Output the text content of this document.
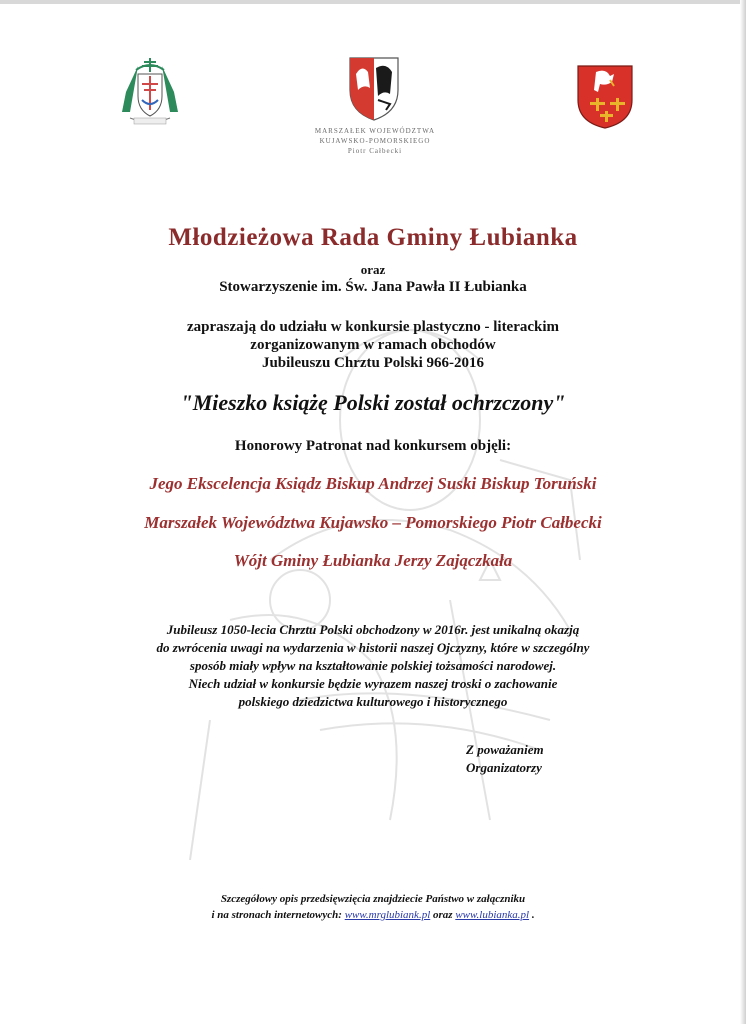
MARSZAŁEK WOJEWÓDZTWA
KUJAWSKO-POMORSKIEGO
Piotr Całbecki
Młodzieżowa Rada Gminy Łubianka
oraz
Stowarzyszenie im. Św. Jana Pawła II Łubianka
zapraszają do udziału w konkursie plastyczno - literackim
zorganizowanym w ramach obchodów
Jubileuszu Chrztu Polski 966-2016
"Mieszko książę Polski został ochrzczony"
Honorowy Patronat nad konkursem objęli:
Jego Ekscelencja Ksiądz Biskup Andrzej Suski Biskup Toruński
Marszałek Województwa Kujawsko – Pomorskiego Piotr Całbecki
Wójt Gminy Łubianka Jerzy Zajączkała
Jubileusz 1050-lecia Chrztu Polski obchodzony w 2016r. jest unikalną okazją
do zwrócenia uwagi na wydarzenia w historii naszej Ojczyzny, które w szczególny
sposób miały wpływ na kształtowanie polskiej tożsamości narodowej.
Niech udział w konkursie będzie wyrazem naszej troski o zachowanie
polskiego dziedzictwa kulturowego i historycznego
Z poważaniem
Organizatorzy
Szczegółowy opis przedsięwzięcia znajdziecie Państwo w załączniku
i na stronach internetowych: www.mrglubiank.pl oraz www.lubianka.pl .
